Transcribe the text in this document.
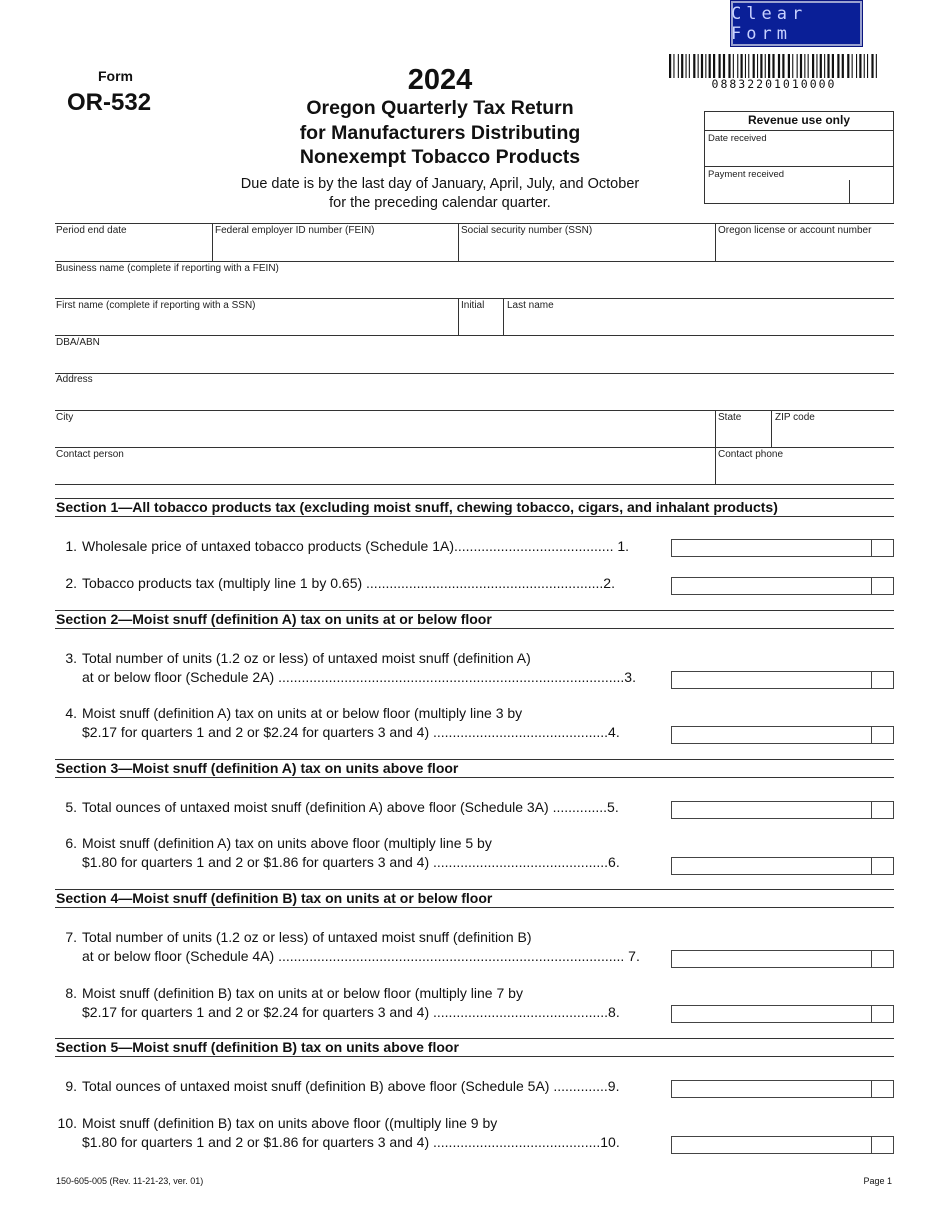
Clear Form
08832201010000
Form
OR-532
2024
Oregon Quarterly Tax Return
for Manufacturers Distributing
Nonexempt Tobacco Products
Due date is by the last day of January, April, July, and October
for the preceding calendar quarter.
Revenue use only
Date received
Payment received
Period end date	Federal employer ID number (FEIN)	Social security number (SSN)	Oregon license or account number
Business name (complete if reporting with a FEIN)
First name (complete if reporting with a SSN)	Initial Last name
DBA/ABN
Address
City	State	ZIP code
Contact person	Contact phone
Section 1—All tobacco products tax (excluding moist snuff, chewing tobacco, cigars, and inhalant products)
1. Wholesale price of untaxed tobacco products (Schedule 1A)......................................... 1.
2. Tobacco products tax (multiply line 1 by 0.65) .............................................................2.
Section 2—Moist snuff (definition A) tax on units at or below floor
3. Total number of units (1.2 oz or less) of untaxed moist snuff (definition A)
at or below floor (Schedule 2A) .........................................................................................3.
4. Moist snuff (definition A) tax on units at or below floor (multiply line 3 by
$2.17 for quarters 1 and 2 or $2.24 for quarters 3 and 4) .............................................4.
Section 3—Moist snuff (definition A) tax on units above floor
5. Total ounces of untaxed moist snuff (definition A) above floor (Schedule 3A) ..............5.
6. Moist snuff (definition A) tax on units above floor (multiply line 5 by
$1.80 for quarters 1 and 2 or $1.86 for quarters 3 and 4) .............................................6.
Section 4—Moist snuff (definition B) tax on units at or below floor
7. Total number of units (1.2 oz or less) of untaxed moist snuff (definition B)
at or below floor (Schedule 4A) ......................................................................................... 7.
8. Moist snuff (definition B) tax on units at or below floor (multiply line 7 by
$2.17 for quarters 1 and 2 or $2.24 for quarters 3 and 4) .............................................8.
Section 5—Moist snuff (definition B) tax on units above floor
9. Total ounces of untaxed moist snuff (definition B) above floor (Schedule 5A) ..............9.
10. Moist snuff (definition B) tax on units above floor ((multiply line 9 by
$1.80 for quarters 1 and 2 or $1.86 for quarters 3 and 4) ...........................................10.
150-605-005 (Rev. 11-21-23, ver. 01)	Page 1
